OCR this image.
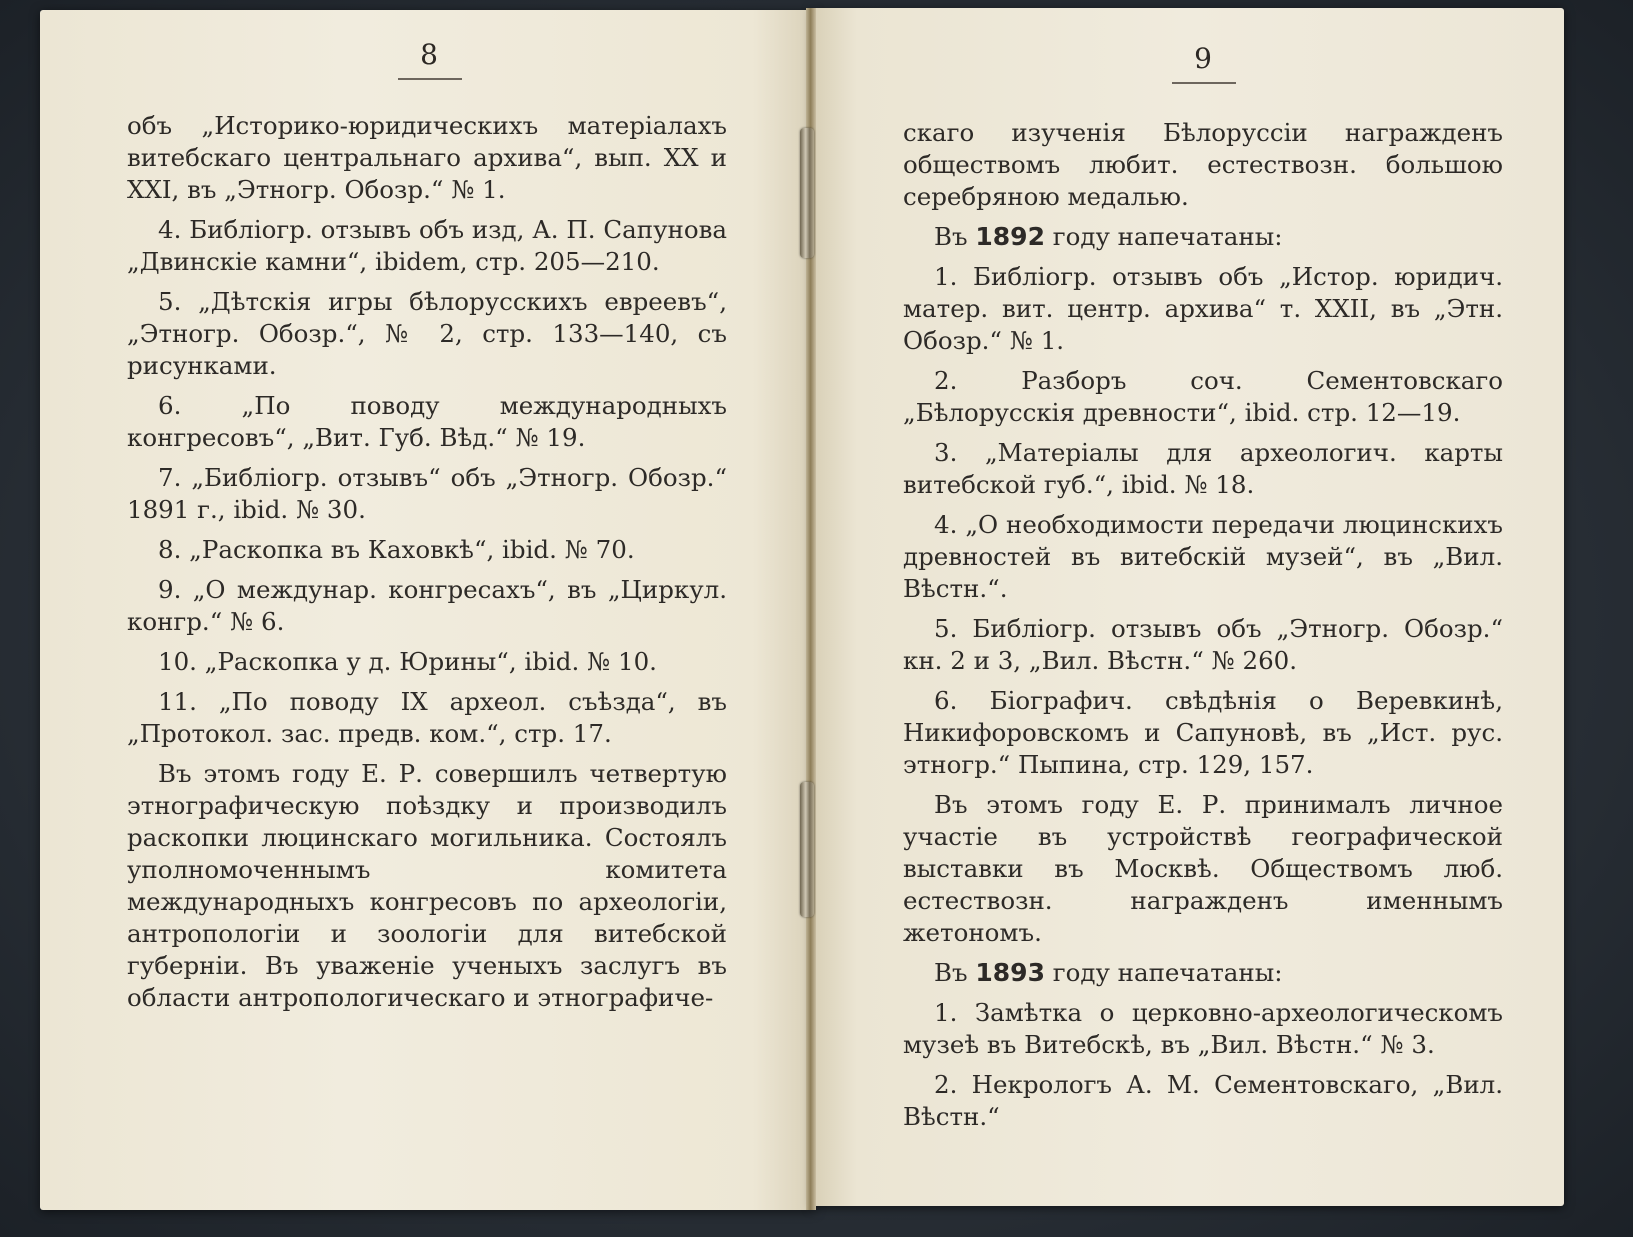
8	9

объ „Историко-юридическихъ матеріалахъ витебскаго центральнаго архива“, вып. XX и XXI, въ „Этногр. Обозр.“ № 1.

4. Библіогр. отзывъ объ изд, А. П. Сапунова „Двинскіе камни“, ibidem, стр. 205—210.

5. „Дѣтскія игры бѣлорусскихъ евреевъ“, „Этногр. Обозр.“, № 2, стр. 133—140, съ рисунками.

6. „По поводу международныхъ конгресовъ“, „Вит. Губ. Вѣд.“ № 19.

7. „Библіогр. отзывъ“ объ „Этногр. Обозр.“ 1891 г., ibid. № 30.

8. „Раскопка въ Каховкѣ“, ibid. № 70.

9. „О междунар. конгресахъ“, въ „Циркул. конгр.“ № 6.

10. „Раскопка у д. Юрины“, ibid. № 10.

11. „По поводу IX археол. съѣзда“, въ „Протокол. зас. предв. ком.“, стр. 17.

Въ этомъ году Е. Р. совершилъ четвертую этнографическую поѣздку и производилъ раскопки люцинскаго могильника. Состоялъ уполномоченнымъ комитета международныхъ конгресовъ по археологіи, антропологіи и зоологіи для витебской губерніи. Въ уваженіе ученыхъ заслугъ въ области антропологическаго и этнографиче-

скаго изученія Бѣлоруссіи награжденъ обществомъ любит. естествозн. большою серебряною медалью.

Въ 1892 году напечатаны:

1. Библіогр. отзывъ объ „Истор. юридич. матер. вит. центр. архива“ т. XXII, въ „Этн. Обозр.“ № 1.

2. Разборъ соч. Сементовскаго „Бѣлорусскія древности“, ibid. стр. 12—19.

3. „Матеріалы для археологич. карты витебской губ.“, ibid. № 18.

4. „О необходимости передачи люцинскихъ древностей въ витебскій музей“, въ „Вил. Вѣстн.“.

5. Библіогр. отзывъ объ „Этногр. Обозр.“ кн. 2 и 3, „Вил. Вѣстн.“ № 260.

6. Біографич. свѣдѣнія о Веревкинѣ, Никифоровскомъ и Сапуновѣ, въ „Ист. рус. этногр.“ Пыпина, стр. 129, 157.

Въ этомъ году Е. Р. принималъ личное участіе въ устройствѣ географической выставки въ Москвѣ. Обществомъ люб. естествозн. награжденъ именнымъ жетономъ.

Въ 1893 году напечатаны:

1. Замѣтка о церковно-археологическомъ музеѣ въ Витебскѣ, въ „Вил. Вѣстн.“ № 3.

2. Некрологъ А. М. Сементовскаго, „Вил. Вѣстн.“
